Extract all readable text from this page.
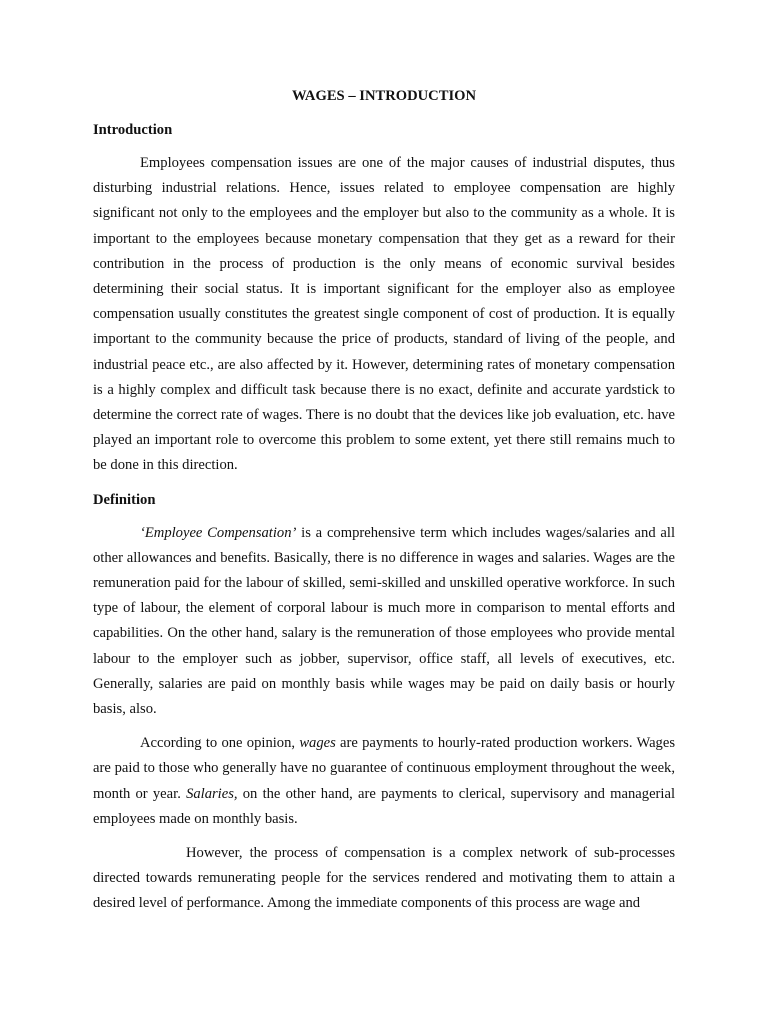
WAGES – INTRODUCTION
Introduction

Employees compensation issues are one of the major causes of industrial disputes, thus disturbing industrial relations. Hence, issues related to employee compensation are highly significant not only to the employees and the employer but also to the community as a whole. It is important to the employees because monetary compensation that they get as a reward for their contribution in the process of production is the only means of economic survival besides determining their social status. It is important significant for the employer also as employee compensation usually constitutes the greatest single component of cost of production. It is equally important to the community because the price of products, standard of living of the people, and industrial peace etc., are also affected by it. However, determining rates of monetary compensation is a highly complex and difficult task because there is no exact, definite and accurate yardstick to determine the correct rate of wages. There is no doubt that the devices like job evaluation, etc. have played an important role to overcome this problem to some extent, yet there still remains much to be done in this direction.

Definition

‘Employee Compensation’ is a comprehensive term which includes wages/salaries and all other allowances and benefits. Basically, there is no difference in wages and salaries. Wages are the remuneration paid for the labour of skilled, semi-skilled and unskilled operative workforce. In such type of labour, the element of corporal labour is much more in comparison to mental efforts and capabilities. On the other hand, salary is the remuneration of those employees who provide mental labour to the employer such as jobber, supervisor, office staff, all levels of executives, etc. Generally, salaries are paid on monthly basis while wages may be paid on daily basis or hourly basis, also.

According to one opinion, wages are payments to hourly-rated production workers. Wages are paid to those who generally have no guarantee of continuous employment throughout the week, month or year. Salaries, on the other hand, are payments to clerical, supervisory and managerial employees made on monthly basis.

However, the process of compensation is a complex network of sub-processes directed towards remunerating people for the services rendered and motivating them to attain a desired level of performance. Among the immediate components of this process are wage and
